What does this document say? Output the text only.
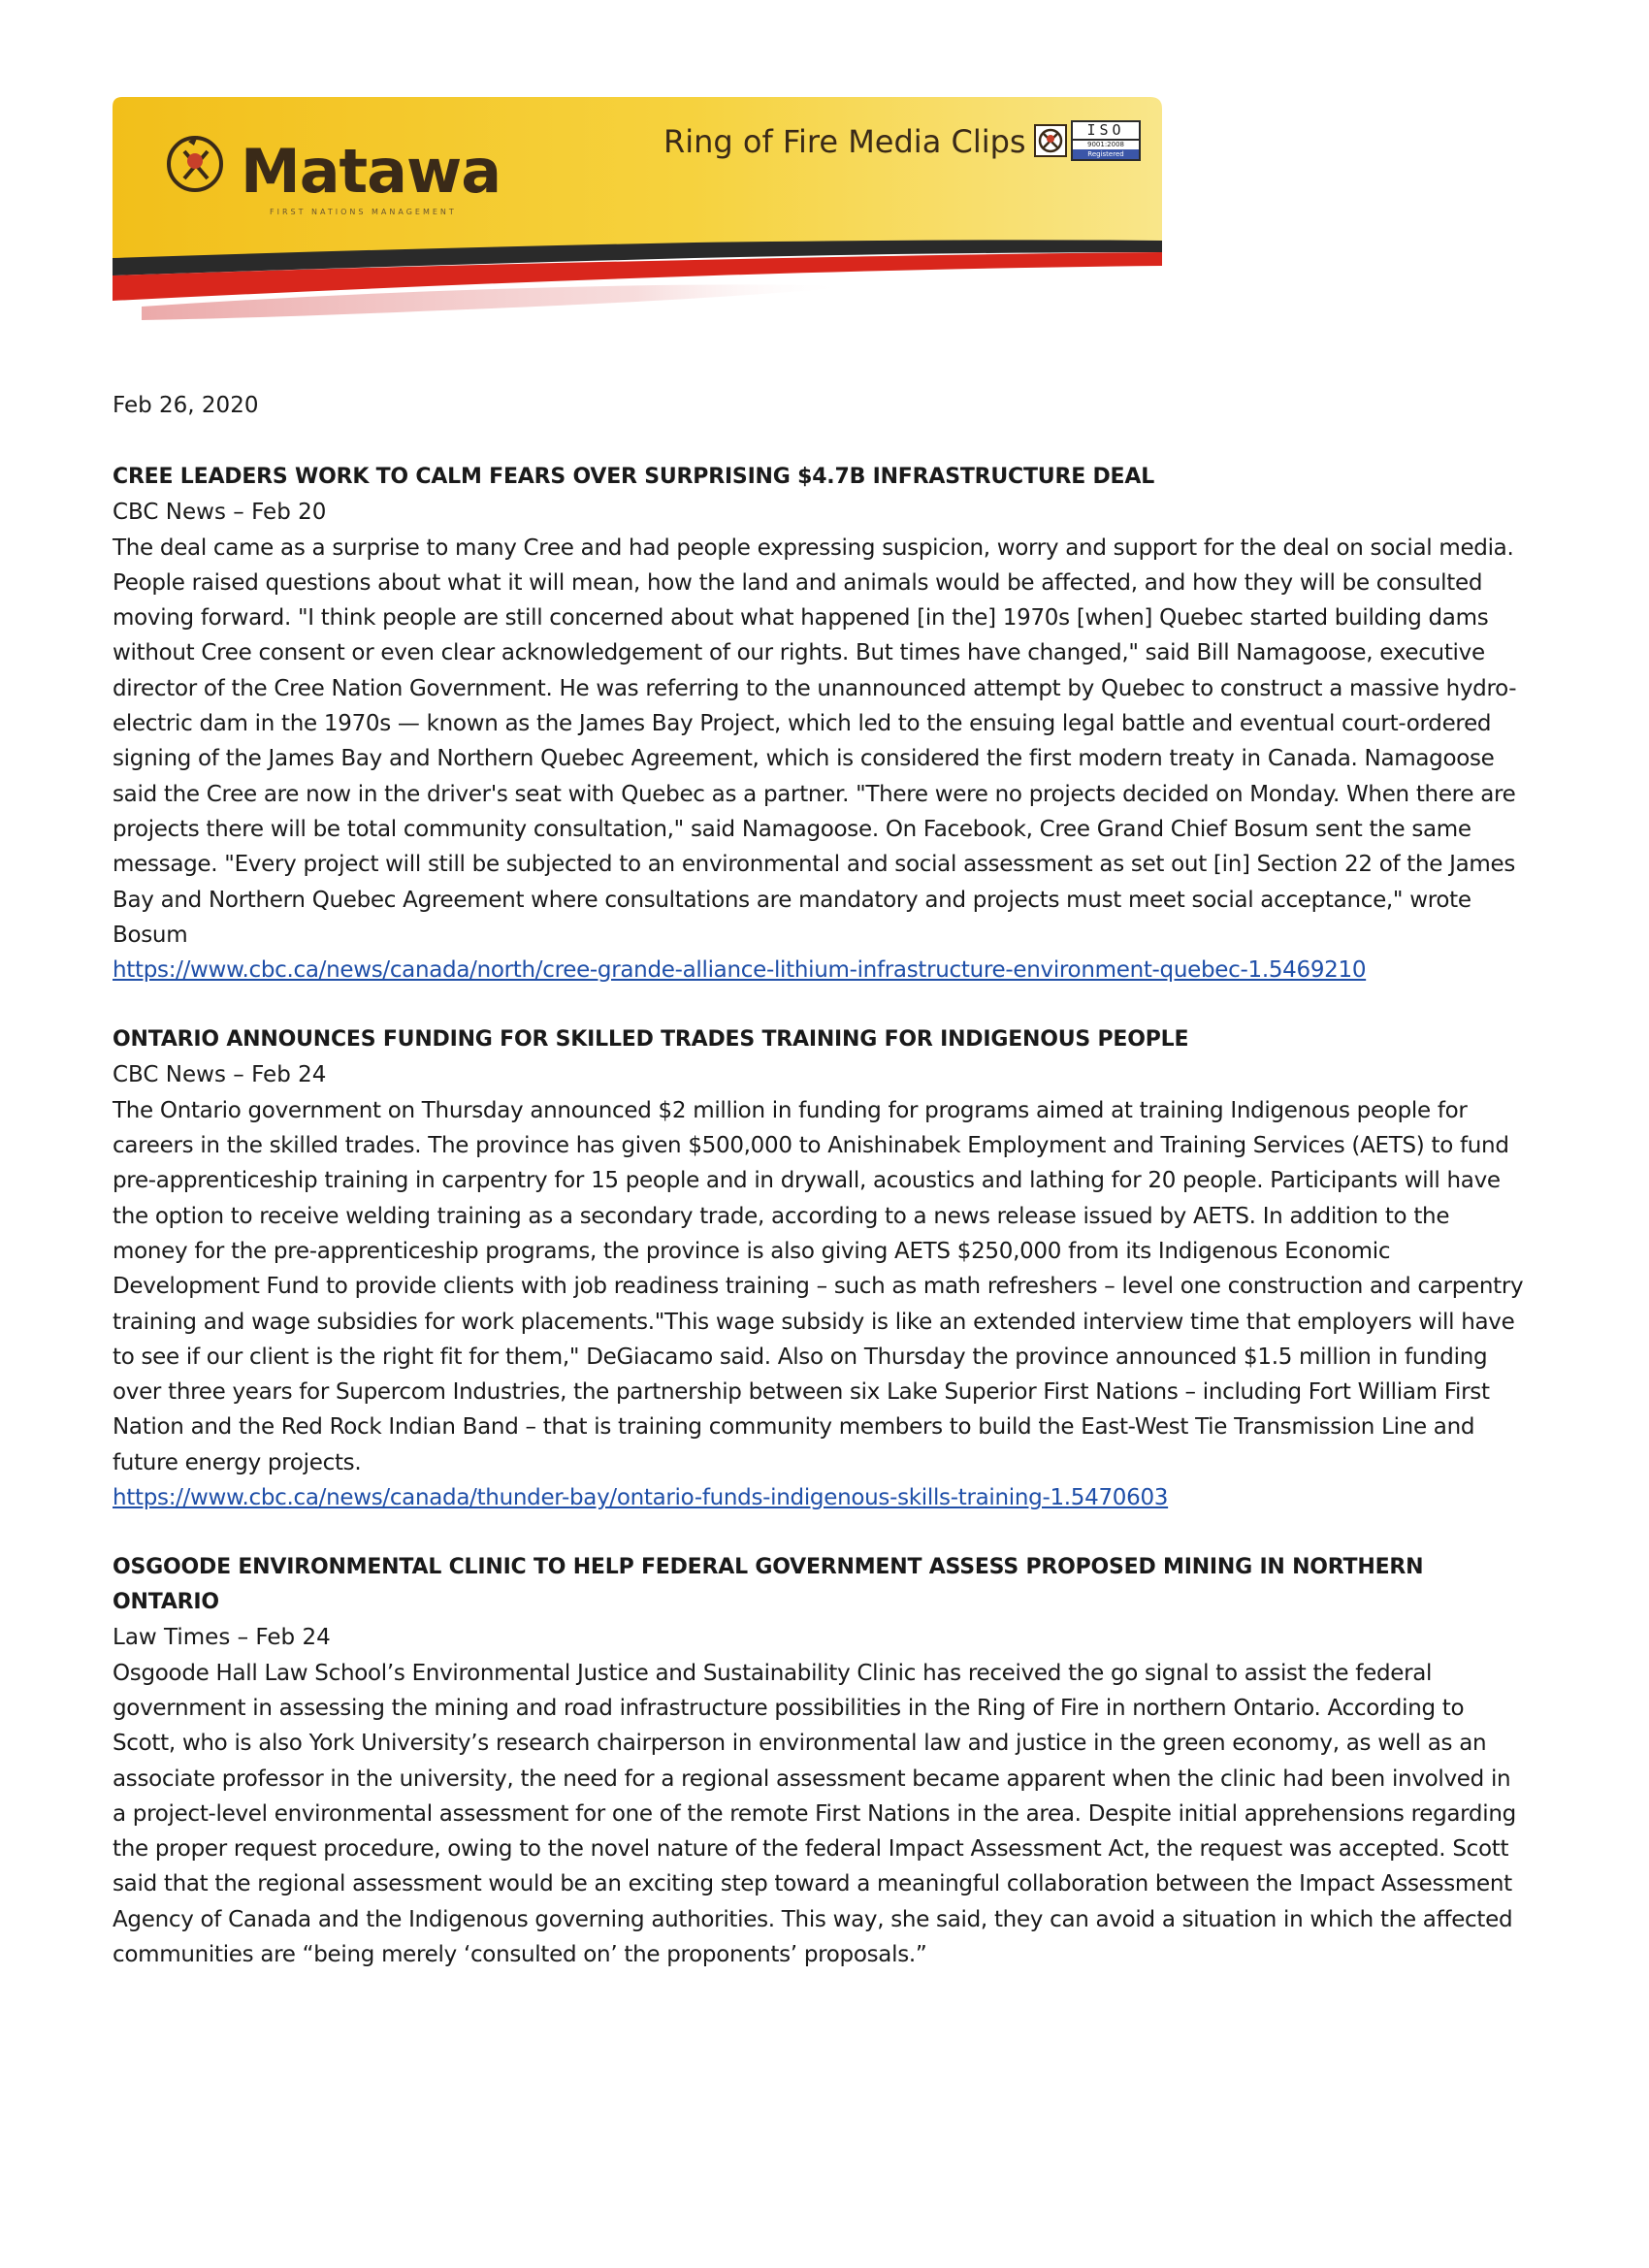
Matawa
FIRST NATIONS MANAGEMENT
Ring of Fire Media Clips	ISO
9001:2008
Registered

Feb 26, 2020

CREE LEADERS WORK TO CALM FEARS OVER SURPRISING $4.7B INFRASTRUCTURE DEAL

CBC News – Feb 20

The deal came as a surprise to many Cree and had people expressing suspicion, worry and support for the deal on social media. People raised questions about what it will mean, how the land and animals would be affected, and how they will be consulted moving forward. "I think people are still concerned about what happened [in the] 1970s [when] Quebec started building dams without Cree consent or even clear acknowledgement of our rights. But times have changed," said Bill Namagoose, executive director of the Cree Nation Government. He was referring to the unannounced attempt by Quebec to construct a massive hydro-electric dam in the 1970s — known as the James Bay Project, which led to the ensuing legal battle and eventual court-ordered signing of the James Bay and Northern Quebec Agreement, which is considered the first modern treaty in Canada. Namagoose said the Cree are now in the driver's seat with Quebec as a partner. "There were no projects decided on Monday. When there are projects there will be total community consultation," said Namagoose. On Facebook, Cree Grand Chief Bosum sent the same message. "Every project will still be subjected to an environmental and social assessment as set out [in] Section 22 of the James Bay and Northern Quebec Agreement where consultations are mandatory and projects must meet social acceptance," wrote Bosum

https://www.cbc.ca/news/canada/north/cree-grande-alliance-lithium-infrastructure-environment-quebec-1.5469210

ONTARIO ANNOUNCES FUNDING FOR SKILLED TRADES TRAINING FOR INDIGENOUS PEOPLE

CBC News – Feb 24

The Ontario government on Thursday announced $2 million in funding for programs aimed at training Indigenous people for careers in the skilled trades. The province has given $500,000 to Anishinabek Employment and Training Services (AETS) to fund pre-apprenticeship training in carpentry for 15 people and in drywall, acoustics and lathing for 20 people. Participants will have the option to receive welding training as a secondary trade, according to a news release issued by AETS. In addition to the money for the pre-apprenticeship programs, the province is also giving AETS $250,000 from its Indigenous Economic Development Fund to provide clients with job readiness training – such as math refreshers – level one construction and carpentry training and wage subsidies for work placements."This wage subsidy is like an extended interview time that employers will have to see if our client is the right fit for them," DeGiacamo said. Also on Thursday the province announced $1.5 million in funding over three years for Supercom Industries, the partnership between six Lake Superior First Nations – including Fort William First Nation and the Red Rock Indian Band – that is training community members to build the East-West Tie Transmission Line and future energy projects.

https://www.cbc.ca/news/canada/thunder-bay/ontario-funds-indigenous-skills-training-1.5470603

OSGOODE ENVIRONMENTAL CLINIC TO HELP FEDERAL GOVERNMENT ASSESS PROPOSED MINING IN NORTHERN ONTARIO

Law Times – Feb 24

Osgoode Hall Law School’s Environmental Justice and Sustainability Clinic has received the go signal to assist the federal government in assessing the mining and road infrastructure possibilities in the Ring of Fire in northern Ontario. According to Scott, who is also York University’s research chairperson in environmental law and justice in the green economy, as well as an associate professor in the university, the need for a regional assessment became apparent when the clinic had been involved in a project-level environmental assessment for one of the remote First Nations in the area. Despite initial apprehensions regarding the proper request procedure, owing to the novel nature of the federal Impact Assessment Act, the request was accepted. Scott said that the regional assessment would be an exciting step toward a meaningful collaboration between the Impact Assessment Agency of Canada and the Indigenous governing authorities. This way, she said, they can avoid a situation in which the affected communities are “being merely ‘consulted on’ the proponents’ proposals.”
